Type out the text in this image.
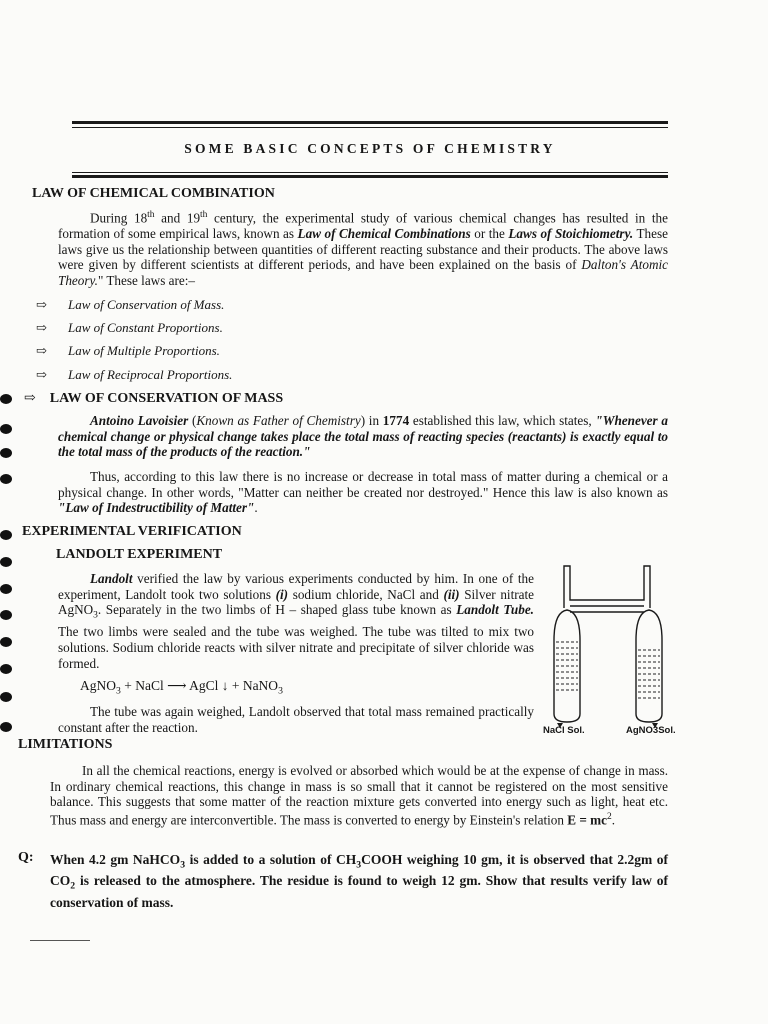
SOME BASIC CONCEPTS OF CHEMISTRY
LAW OF CHEMICAL COMBINATION

During 18th and 19th century, the experimental study of various chemical changes has resulted in the formation of some empirical laws, known as Law of Chemical Combinations or the Laws of Stoichiometry. These laws give us the relationship between quantities of different reacting substance and their products. The above laws were given by different scientists at different periods, and have been explained on the basis of Dalton's Atomic Theory." These laws are:–

⇨ Law of Conservation of Mass.
⇨ Law of Constant Proportions.
⇨ Law of Multiple Proportions.
⇨ Law of Reciprocal Proportions.
⇨ LAW OF CONSERVATION OF MASS

Antoino Lavoisier (Known as Father of Chemistry) in 1774 established this law, which states, "Whenever a chemical change or physical change takes place the total mass of reacting species (reactants) is exactly equal to the total mass of the products of the reaction."

Thus, according to this law there is no increase or decrease in total mass of matter during a chemical or a physical change. In other words, "Matter can neither be created nor destroyed." Hence this law is also known as "Law of Indestructibility of Matter".

EXPERIMENTAL VERIFICATION
LANDOLT EXPERIMENT

Landolt verified the law by various experiments conducted by him. In one of the experiment, Landolt took two solutions (i) sodium chloride, NaCl and (ii) Silver nitrate AgNO$_3$. Separately in the two limbs of H – shaped glass tube known as Landolt Tube. The two limbs were sealed and the tube was weighed. The tube was tilted to mix two solutions. Sodium chloride reacts with silver nitrate and precipitate of silver chloride was formed.

AgNO$_3$ + NaCl ⟶ AgCl ↓ + NaNO$_3$

The tube was again weighed, Landolt observed that total mass remained practically constant after the reaction.	NaCl Sol.	AgNO3Sol.
LIMITATIONS

In all the chemical reactions, energy is evolved or absorbed which would be at the expense of change in mass. In ordinary chemical reactions, this change in mass is so small that it cannot be registered on the most sensitive balance. This suggests that some matter of the reaction mixture gets converted into energy such as light, heat etc. Thus mass and energy are interconvertible. The mass is converted to energy by Einstein's relation $E = mc^2$.

Q: When 4.2 gm NaHCO$_3$ is added to a solution of $CH_3COOH$ weighing 10 gm, it is observed that 2.2gm of $CO_2$ is released to the atmosphere. The residue is found to weigh 12 gm. Show that results verify law of conservation of mass.
